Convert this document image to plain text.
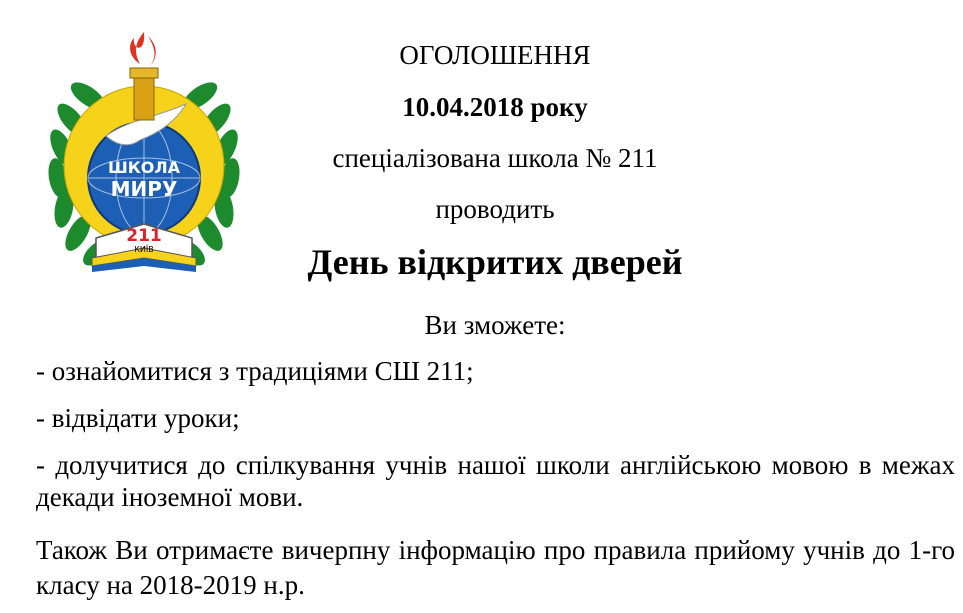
ШКОЛА
МИРУ
211
КИЇВ
ОГОЛОШЕННЯ
10.04.2018 року
спеціалізована школа № 211
проводить
День відкритих дверей
Ви зможете:
- ознайомитися з традиціями СШ 211;
- відвідати уроки;
- долучитися до спілкування учнів нашої школи англійською мовою в межах декади іноземної мови.
Також Ви отримаєте вичерпну інформацію про правила прийому учнів до 1-го класу на 2018-2019 н.р.
